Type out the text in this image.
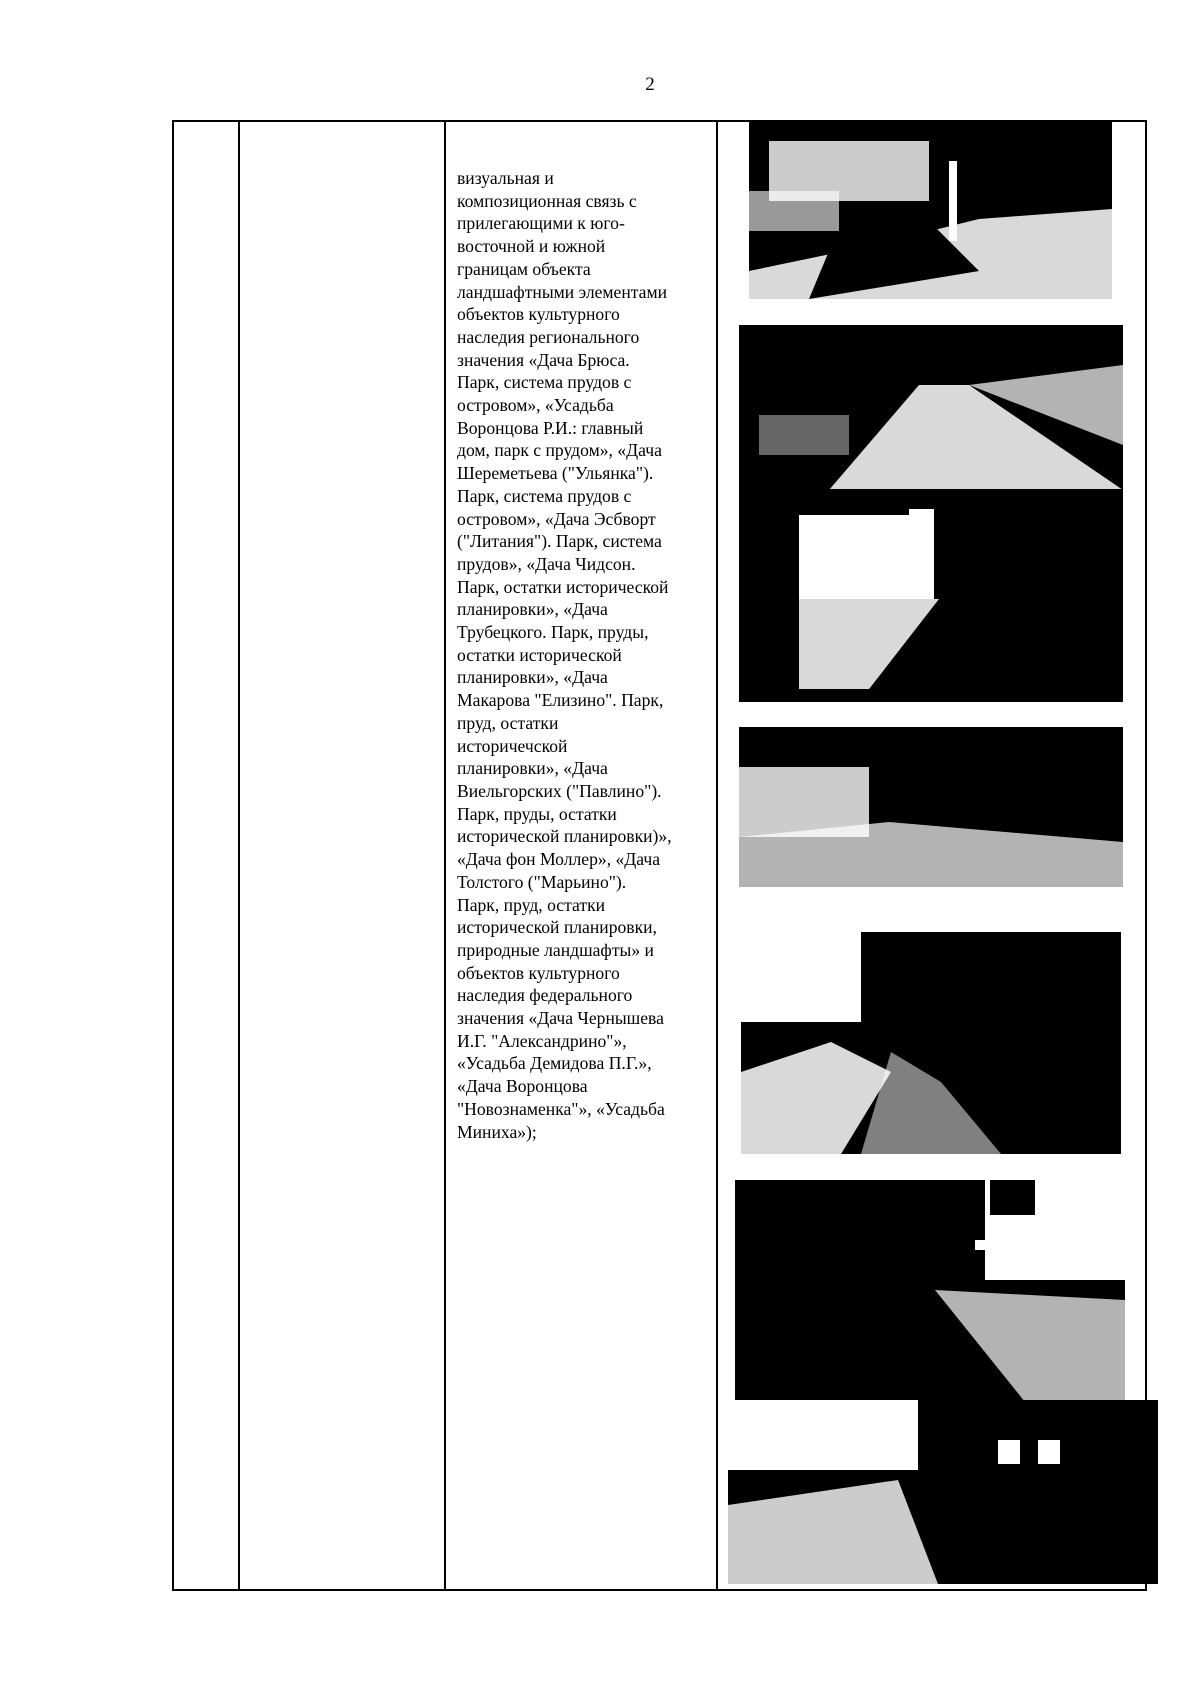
2

визуальная и
композиционная связь с
прилегающими к юго-
восточной и южной
границам объекта
ландшафтными элементами
объектов культурного
наследия регионального
значения «Дача Брюса.
Парк, система прудов с
островом», «Усадьба
Воронцова Р.И.: главный
дом, парк с прудом», «Дача
Шереметьева ("Ульянка").
Парк, система прудов с
островом», «Дача Эсбворт
("Литания"). Парк, система
прудов», «Дача Чидсон.
Парк, остатки исторической
планировки», «Дача
Трубецкого. Парк, пруды,
остатки исторической
планировки», «Дача
Макарова "Елизино". Парк,
пруд, остатки
историчечской
планировки», «Дача
Виельгорских ("Павлино").
Парк, пруды, остатки
исторической планировки)»,
«Дача фон Моллер», «Дача
Толстого ("Марьино").
Парк, пруд, остатки
исторической планировки,
природные ландшафты» и
объектов культурного
наследия федерального
значения «Дача Чернышева
И.Г. "Александрино"»,
«Усадьба Демидова П.Г.»,
«Дача Воронцова
"Новознаменка"», «Усадьба
Миниха»);
